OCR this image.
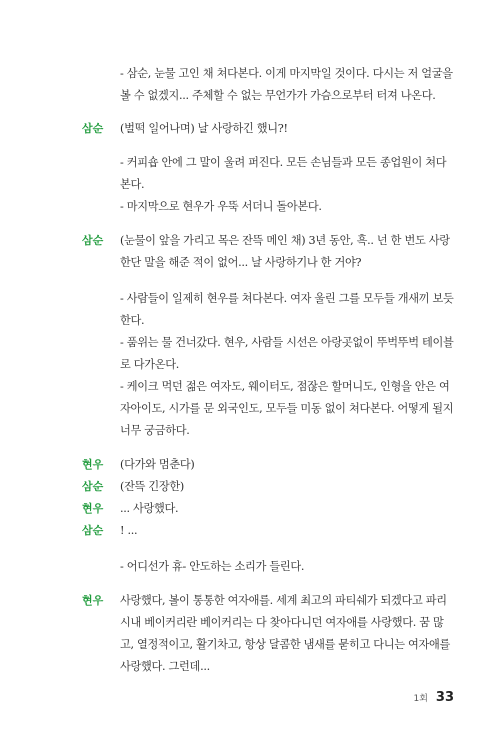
- 삼순, 눈물 고인 채 쳐다본다. 이게 마지막일 것이다. 다시는 저 얼굴을

볼 수 없겠지... 주체할 수 없는 무언가가 가슴으로부터 터져 나온다.

삼순 (벌떡 일어나며) 날 사랑하긴 했니?!

- 커피숍 안에 그 말이 울려 퍼진다. 모든 손님들과 모든 종업원이 쳐다

본다.

- 마지막으로 현우가 우뚝 서더니 돌아본다.

삼순 (눈물이 앞을 가리고 목은 잔뜩 메인 채) 3년 동안, 흑.. 넌 한 번도 사랑

한단 말을 해준 적이 없어... 날 사랑하기나 한 거야?

- 사람들이 일제히 현우를 쳐다본다. 여자 울린 그를 모두들 개새끼 보듯

한다.

- 품위는 물 건너갔다. 현우, 사람들 시선은 아랑곳없이 뚜벅뚜벅 테이블

로 다가온다.

- 케이크 먹던 젊은 여자도, 웨이터도, 점잖은 할머니도, 인형을 안은 여

자아이도, 시가를 문 외국인도, 모두들 미동 없이 쳐다본다. 어떻게 될지

너무 궁금하다.

현우 (다가와 멈춘다)

삼순 (잔뜩 긴장한)

현우 ... 사랑했다.

삼순 ! ...

- 어디선가 휴- 안도하는 소리가 들린다.

현우 사랑했다, 볼이 통통한 여자애를. 세계 최고의 파티쉐가 되겠다고 파리

시내 베이커리란 베이커리는 다 찾아다니던 여자애를 사랑했다. 꿈 많

고, 열정적이고, 활기차고, 항상 달콤한 냄새를 묻히고 다니는 여자애를

사랑했다. 그런데...

1회 33
